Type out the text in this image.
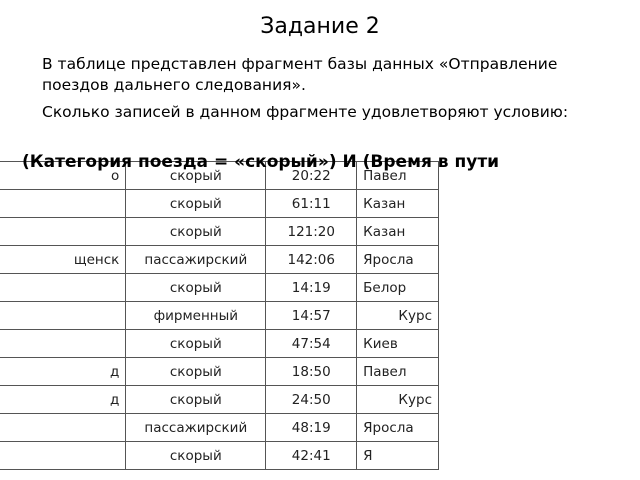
Задание 2
В таблице представлен фрагмент базы данных «Отправление поездов дальнего следования».
Сколько записей в данном фрагменте удовлетворяют условию:
(Категория поезда = «скорый») И (Время в пути
о	скорый	20:22	Павел
	скорый	61:11	Казан
	скорый	121:20	Казан
щенск	пассажирский	142:06	Яросла
	скорый	14:19	Белор
	фирменный	14:57	Курс
	скорый	47:54	Киев
д	скорый	18:50	Павел
д	скорый	24:50	Курс
	пассажирский	48:19	Яросла
	скорый	42:41	Я
